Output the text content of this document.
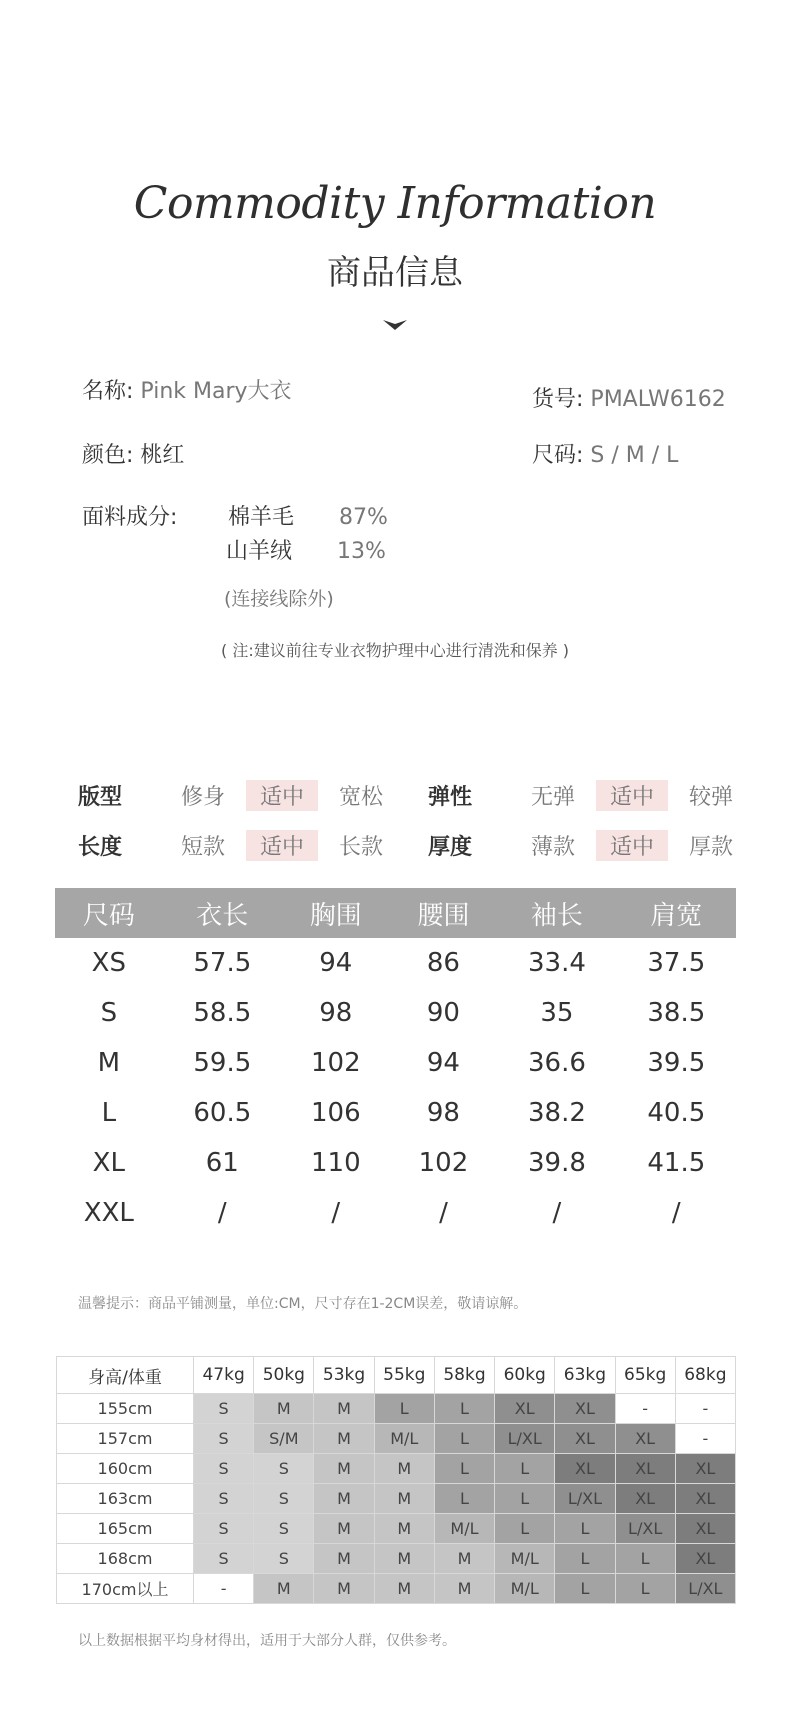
Commodity Information
商品信息
名称: Pink Mary大衣	货号: PMALW6162
颜色: 桃红	尺码: S / M / L
面料成分: 棉羊毛 87%
山羊绒 13%
(连接线除外)
( 注:建议前往专业衣物护理中心进行清洗和保养 )
版型	修身 适中 宽松	弹性	无弹 适中 较弹
长度	短款 适中 长款	厚度	薄款 适中 厚款
尺码	衣长	胸围	腰围	袖长	肩宽
XS	57.5	94	86	33.4	37.5
S	58.5	98	90	35	38.5
M	59.5	102	94	36.6	39.5
L	60.5	106	98	38.2	40.5
XL	61	110	102	39.8	41.5
XXL	/	/	/	/	/
温馨提示：商品平铺测量，单位:CM，尺寸存在1-2CM误差，敬请谅解。
身高/体重	47kg	50kg	53kg	55kg	58kg	60kg	63kg	65kg	68kg
155cm	S	M	M	L	L	XL	XL	-	-
157cm	S	S/M	M	M/L	L	L/XL	XL	XL	-
160cm	S	S	M	M	L	L	XL	XL	XL
163cm	S	S	M	M	L	L	L/XL	XL	XL
165cm	S	S	M	M	M/L	L	L	L/XL	XL
168cm	S	S	M	M	M	M/L	L	L	XL
170cm以上	-	M	M	M	M	M/L	L	L	L/XL
以上数据根据平均身材得出，适用于大部分人群，仅供参考。
